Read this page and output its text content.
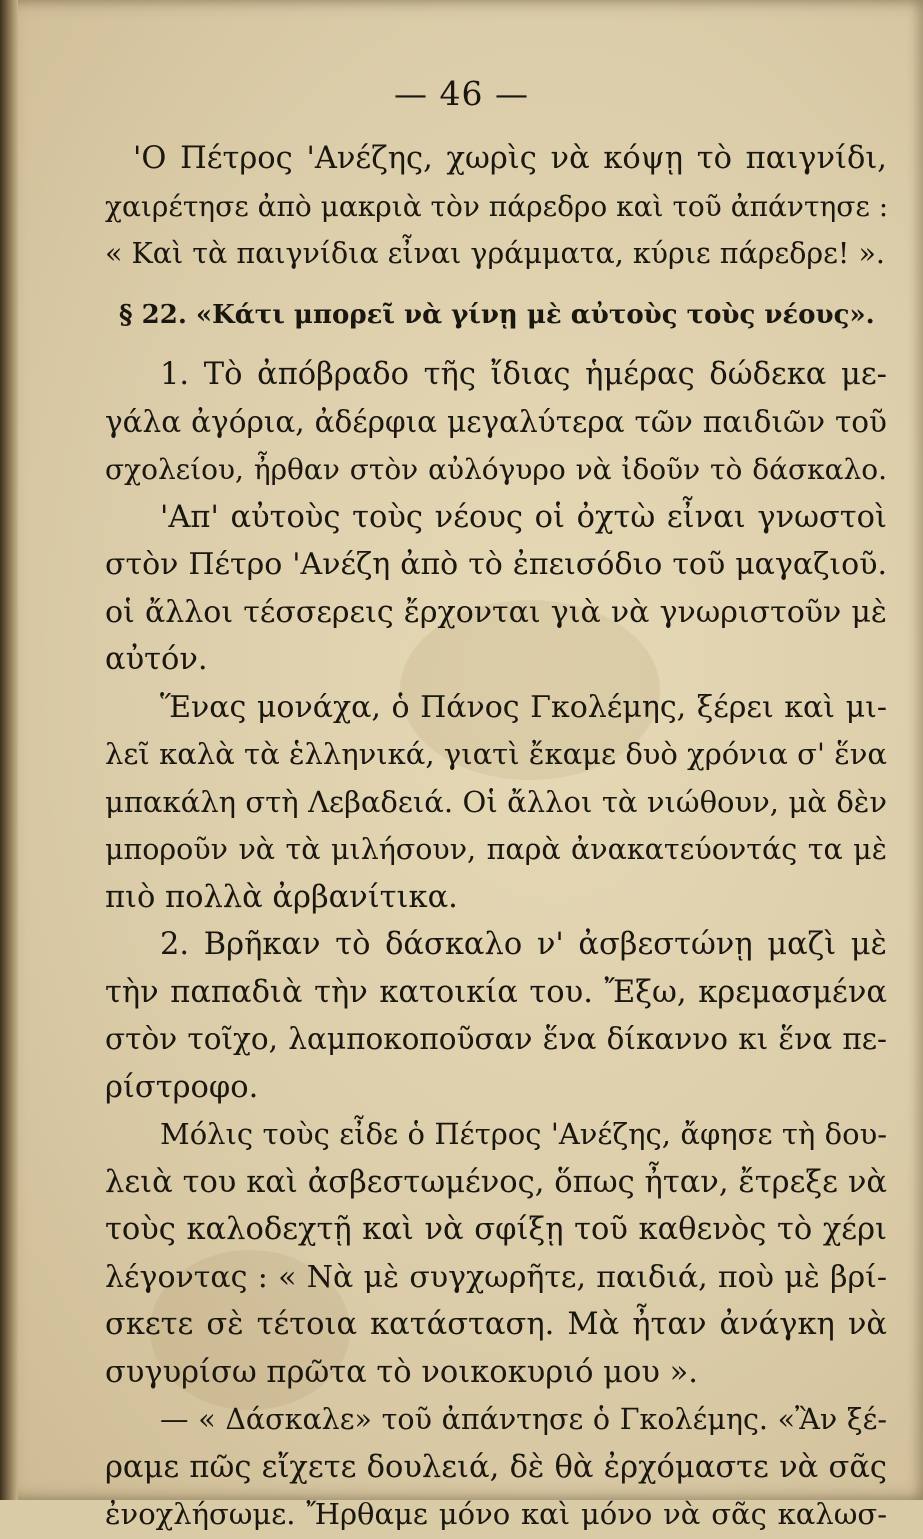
— 46 —
'Ο Πέτρος 'Ανέζης, χωρὶς νὰ κόψῃ τὸ παιγνίδι,
χαιρέτησε ἀπὸ μακριὰ τὸν πάρεδρο καὶ τοῦ ἀπάντησε :
« Καὶ τὰ παιγνίδια εἶναι γράμματα, κύριε πάρεδρε! ».
§ 22. «Κάτι μπορεῖ νὰ γίνῃ μὲ αὐτοὺς τοὺς νέους».
1. Τὸ ἀπόβραδο τῆς ἴδιας ἡμέρας δώδεκα με-
γάλα ἀγόρια, ἀδέρφια μεγαλύτερα τῶν παιδιῶν τοῦ
σχολείου, ἦρθαν στὸν αὐλόγυρο νὰ ἰδοῦν τὸ δάσκαλο.
'Απ' αὐτοὺς τοὺς νέους οἱ ὀχτὼ εἶναι γνωστοὶ
στὸν Πέτρο 'Ανέζη ἀπὸ τὸ ἐπεισόδιο τοῦ μαγαζιοῦ.
οἱ ἄλλοι τέσσερεις ἔρχονται γιὰ νὰ γνωριστοῦν μὲ
αὐτόν.
Ἕνας μονάχα, ὁ Πάνος Γκολέμης, ξέρει καὶ μι-
λεῖ καλὰ τὰ ἑλληνικά, γιατὶ ἔκαμε δυὸ χρόνια σ' ἕνα
μπακάλη στὴ Λεβαδειά. Οἱ ἄλλοι τὰ νιώθουν, μὰ δὲν
μποροῦν νὰ τὰ μιλήσουν, παρὰ ἀνακατεύοντάς τα μὲ
πιὸ πολλὰ ἀρβανίτικα.
2. Βρῆκαν τὸ δάσκαλο ν' ἀσβεστώνῃ μαζὶ μὲ
τὴν παπαδιὰ τὴν κατοικία του. Ἔξω, κρεμασμένα
στὸν τοῖχο, λαμποκοποῦσαν ἕνα δίκαννο κι ἕνα πε-
ρίστροφο.
Μόλις τοὺς εἶδε ὁ Πέτρος 'Ανέζης, ἄφησε τὴ δου-
λειὰ του καὶ ἀσβεστωμένος, ὅπως ἦταν, ἔτρεξε νὰ
τοὺς καλοδεχτῇ καὶ νὰ σφίξῃ τοῦ καθενὸς τὸ χέρι
λέγοντας : « Νὰ μὲ συγχωρῆτε, παιδιά, ποὺ μὲ βρί-
σκετε σὲ τέτοια κατάσταση. Μὰ ἦταν ἀνάγκη νὰ
συγυρίσω πρῶτα τὸ νοικοκυριό μου ».
— « Δάσκαλε» τοῦ ἀπάντησε ὁ Γκολέμης. «Ἂν ξέ-
ραμε πῶς εἴχετε δουλειά, δὲ θὰ ἐρχόμαστε νὰ σᾶς
ἐνοχλήσωμε. Ἤρθαμε μόνο καὶ μόνο νὰ σᾶς καλωσ-
